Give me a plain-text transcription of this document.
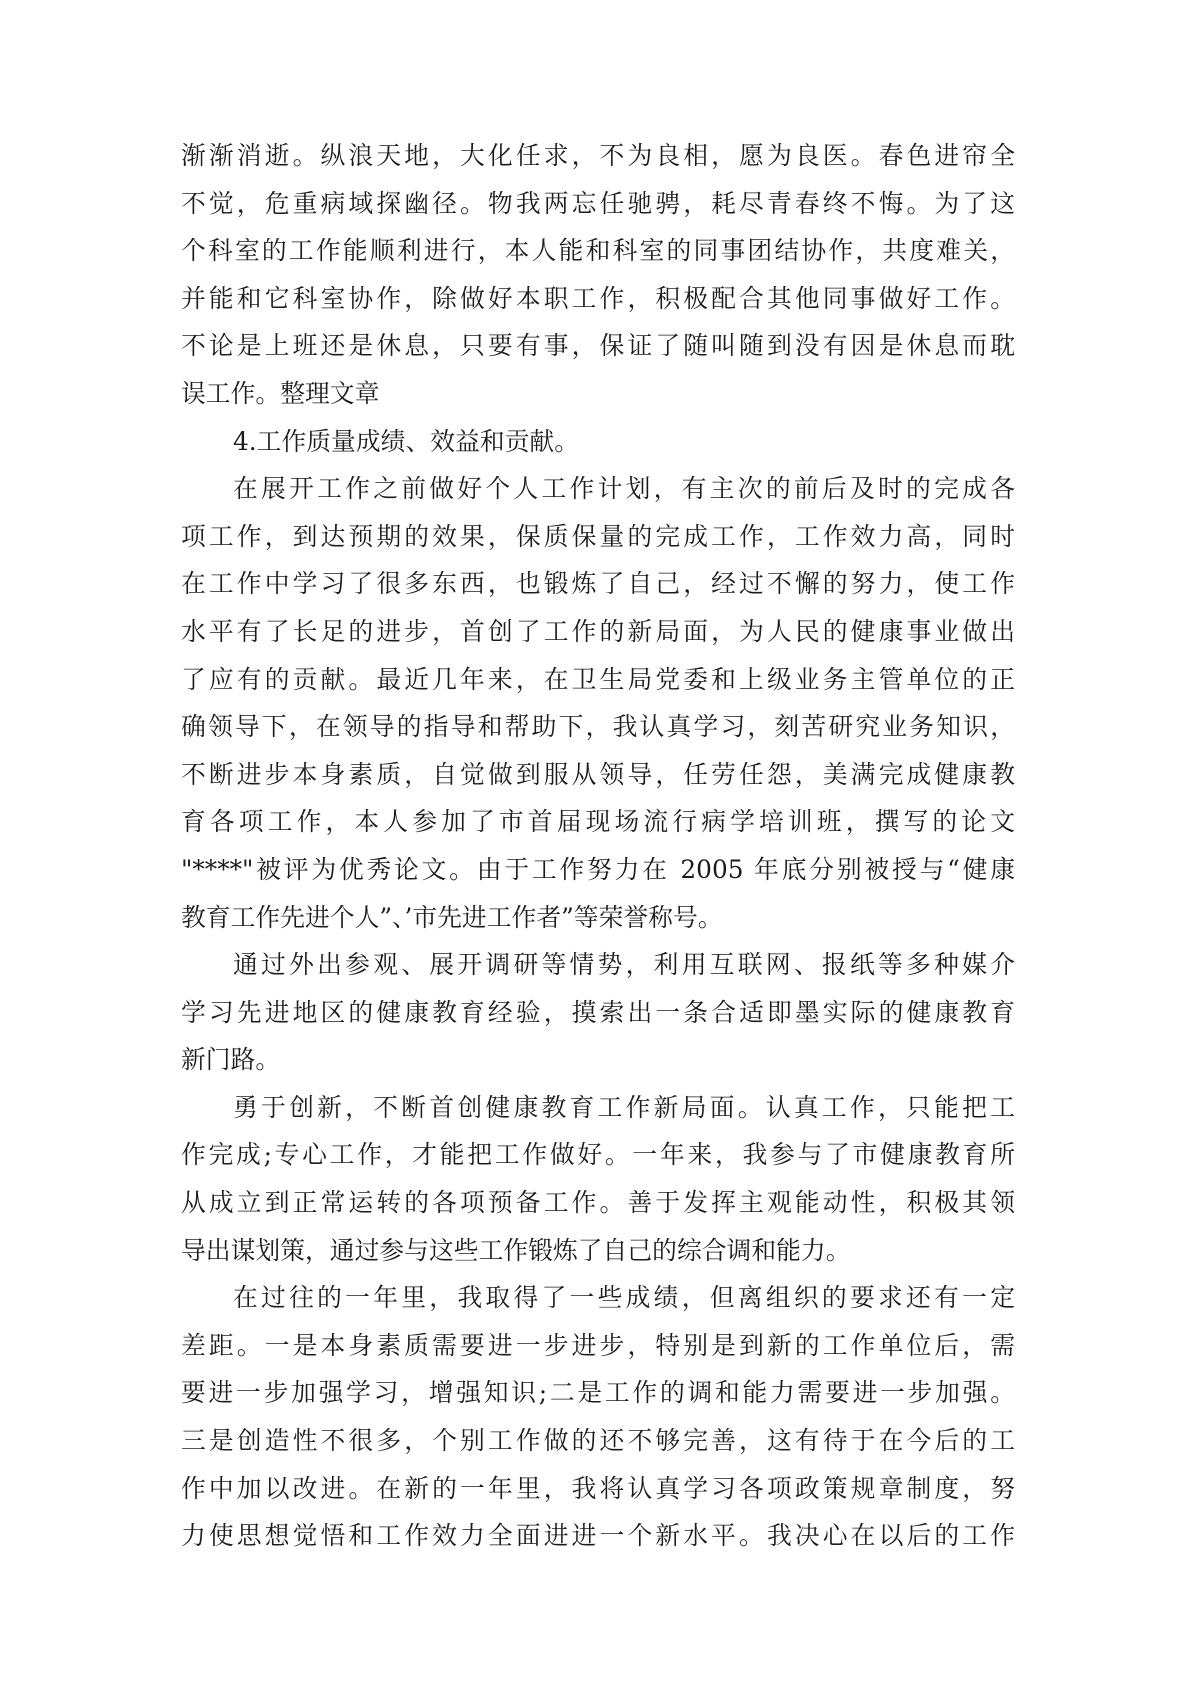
渐渐消逝。纵浪天地，大化任求，不为良相，愿为良医。春色进帘全
不觉，危重病域探幽径。物我两忘任驰骋，耗尽青春终不悔。为了这
个科室的工作能顺利进行，本人能和科室的同事团结协作，共度难关，
并能和它科室协作，除做好本职工作，积极配合其他同事做好工作。
不论是上班还是休息，只要有事，保证了随叫随到没有因是休息而耽
误工作。整理文章
4.工作质量成绩、效益和贡献。
在展开工作之前做好个人工作计划，有主次的前后及时的完成各
项工作，到达预期的效果，保质保量的完成工作，工作效力高，同时
在工作中学习了很多东西，也锻炼了自己，经过不懈的努力，使工作
水平有了长足的进步，首创了工作的新局面，为人民的健康事业做出
了应有的贡献。最近几年来，在卫生局党委和上级业务主管单位的正
确领导下，在领导的指导和帮助下，我认真学习，刻苦研究业务知识，
不断进步本身素质，自觉做到服从领导，任劳任怨，美满完成健康教
育各项工作，本人参加了市首届现场流行病学培训班，撰写的论文
"****"被评为优秀论文。由于工作努力在 2005 年底分别被授与“健康
教育工作先进个人”、’市先进工作者”等荣誉称号。
通过外出参观、展开调研等情势，利用互联网、报纸等多种媒介
学习先进地区的健康教育经验，摸索出一条合适即墨实际的健康教育
新门路。
勇于创新，不断首创健康教育工作新局面。认真工作，只能把工
作完成;专心工作，才能把工作做好。一年来，我参与了市健康教育所
从成立到正常运转的各项预备工作。善于发挥主观能动性，积极其领
导出谋划策，通过参与这些工作锻炼了自己的综合调和能力。
在过往的一年里，我取得了一些成绩，但离组织的要求还有一定
差距。一是本身素质需要进一步进步，特别是到新的工作单位后，需
要进一步加强学习，增强知识;二是工作的调和能力需要进一步加强。
三是创造性不很多，个别工作做的还不够完善，这有待于在今后的工
作中加以改进。在新的一年里，我将认真学习各项政策规章制度，努
力使思想觉悟和工作效力全面进进一个新水平。我决心在以后的工作
